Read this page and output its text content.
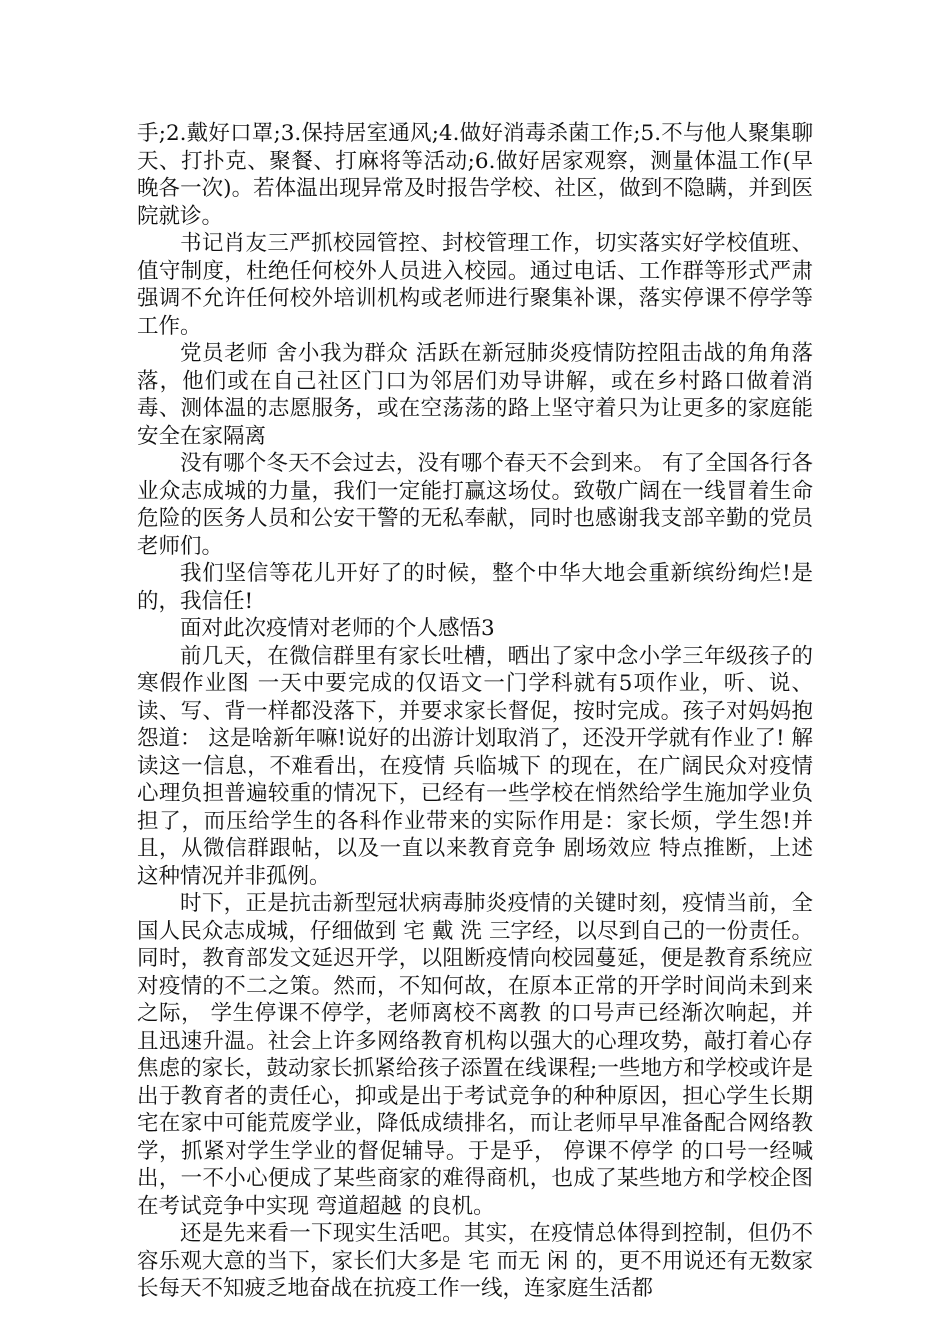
手;2.戴好口罩;3.保持居室通风;4.做好消毒杀菌工作;5.不与他人聚集聊天、打扑克、聚餐、打麻将等活动;6.做好居家观察，测量体温工作(早晚各一次)。若体温出现异常及时报告学校、社区，做到不隐瞒，并到医院就诊。

书记肖友三严抓校园管控、封校管理工作，切实落实好学校值班、值守制度，杜绝任何校外人员进入校园。通过电话、工作群等形式严肃强调不允许任何校外培训机构或老师进行聚集补课，落实停课不停学等工作。

党员老师 舍小我为群众 活跃在新冠肺炎疫情防控阻击战的角角落落，他们或在自己社区门口为邻居们劝导讲解，或在乡村路口做着消毒、测体温的志愿服务，或在空荡荡的路上坚守着只为让更多的家庭能安全在家隔离

没有哪个冬天不会过去，没有哪个春天不会到来。 有了全国各行各业众志成城的力量，我们一定能打赢这场仗。致敬广阔在一线冒着生命危险的医务人员和公安干警的无私奉献，同时也感谢我支部辛勤的党员老师们。

我们坚信等花儿开好了的时候，整个中华大地会重新缤纷绚烂!是的，我信任!

面对此次疫情对老师的个人感悟3

前几天，在微信群里有家长吐槽，晒出了家中念小学三年级孩子的寒假作业图 一天中要完成的仅语文一门学科就有5项作业，听、说、读、写、背一样都没落下，并要求家长督促，按时完成。孩子对妈妈抱怨道： 这是啥新年嘛!说好的出游计划取消了，还没开学就有作业了! 解读这一信息，不难看出，在疫情 兵临城下 的现在，在广阔民众对疫情心理负担普遍较重的情况下，已经有一些学校在悄然给学生施加学业负担了，而压给学生的各科作业带来的实际作用是：家长烦，学生怨!并且，从微信群跟帖，以及一直以来教育竞争 剧场效应 特点推断，上述这种情况并非孤例。

时下，正是抗击新型冠状病毒肺炎疫情的关键时刻，疫情当前，全国人民众志成城，仔细做到 宅 戴 洗 三字经，以尽到自己的一份责任。同时，教育部发文延迟开学，以阻断疫情向校园蔓延，便是教育系统应对疫情的不二之策。然而，不知何故，在原本正常的开学时间尚未到来之际， 学生停课不停学，老师离校不离教 的口号声已经渐次响起，并且迅速升温。社会上许多网络教育机构以强大的心理攻势，敲打着心存焦虑的家长，鼓动家长抓紧给孩子添置在线课程;一些地方和学校或许是出于教育者的责任心，抑或是出于考试竞争的种种原因，担心学生长期宅在家中可能荒废学业，降低成绩排名，而让老师早早准备配合网络教学，抓紧对学生学业的督促辅导。于是乎， 停课不停学 的口号一经喊出，一不小心便成了某些商家的难得商机，也成了某些地方和学校企图在考试竞争中实现 弯道超越 的良机。

还是先来看一下现实生活吧。其实，在疫情总体得到控制，但仍不容乐观大意的当下，家长们大多是 宅 而无 闲 的，更不用说还有无数家长每天不知疲乏地奋战在抗疫工作一线，连家庭生活都
